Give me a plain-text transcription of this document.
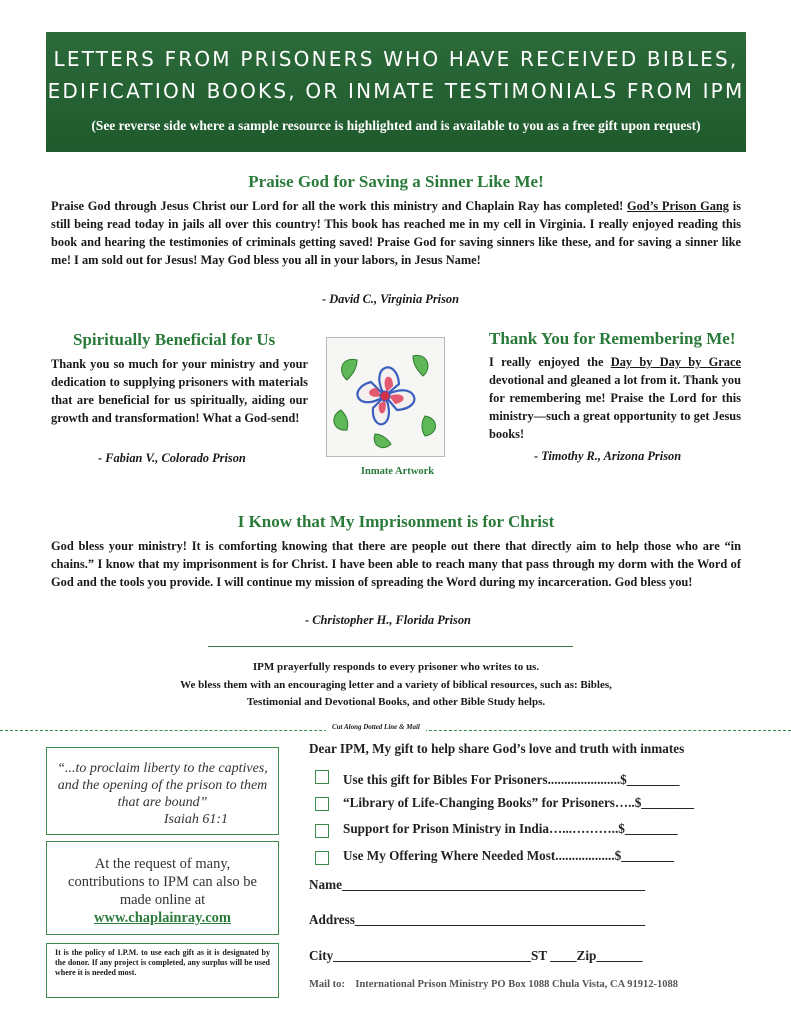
LETTERS FROM PRISONERS WHO HAVE RECEIVED BIBLES,
EDIFICATION BOOKS, OR INMATE TESTIMONIALS FROM IPM
(See reverse side where a sample resource is highlighted and is available to you as a free gift upon request)
Praise God for Saving a Sinner Like Me!
Praise God through Jesus Christ our Lord for all the work this ministry and Chaplain Ray has completed! God’s Prison Gang is still being read today in jails all over this country! This book has reached me in my cell in Virginia. I really enjoyed reading this book and hearing the testimonies of criminals getting saved! Praise God for saving sinners like these, and for saving a sinner like me! I am sold out for Jesus! May God bless you all in your labors, in Jesus Name!
- David C., Virginia Prison
Spiritually Beneficial for Us
Thank you so much for your ministry and your dedication to supplying prisoners with materials that are beneficial for us spiritually, aiding our growth and transformation! What a God-send!
- Fabian V., Colorado Prison
Inmate Artwork
Thank You for Remembering Me!
I really enjoyed the Day by Day by Grace devotional and gleaned a lot from it. Thank you for remembering me! Praise the Lord for this ministry—such a great opportunity to get Jesus books!
- Timothy R., Arizona Prison
I Know that My Imprisonment is for Christ
God bless your ministry! It is comforting knowing that there are people out there that directly aim to help those who are “in chains.” I know that my imprisonment is for Christ. I have been able to reach many that pass through my dorm with the Word of God and the tools you provide. I will continue my mission of spreading the Word during my incarceration. God bless you!
- Christopher H., Florida Prison
IPM prayerfully responds to every prisoner who writes to us.
We bless them with an encouraging letter and a variety of biblical resources, such as: Bibles,
Testimonial and Devotional Books, and other Bible Study helps.
Cut Along Dotted Line & Mail
“...to proclaim liberty to the captives, and the opening of the prison to them that are bound”
Isaiah 61:1
At the request of many, contributions to IPM can also be made online at
www.chaplainray.com
It is the policy of I.P.M. to use each gift as it is designated by the donor. If any project is completed, any surplus will be used where it is needed most.
Dear IPM, My gift to help share God’s love and truth with inmates
Use this gift for Bibles For Prisoners......................$________
“Library of Life-Changing Books” for Prisoners…..$________
Support for Prison Ministry in India…...………..$________
Use My Offering Where Needed Most..................$________
Name______________________________________________
Address____________________________________________
City______________________________ST ____Zip_______
Mail to: International Prison Ministry PO Box 1088 Chula Vista, CA 91912-1088
